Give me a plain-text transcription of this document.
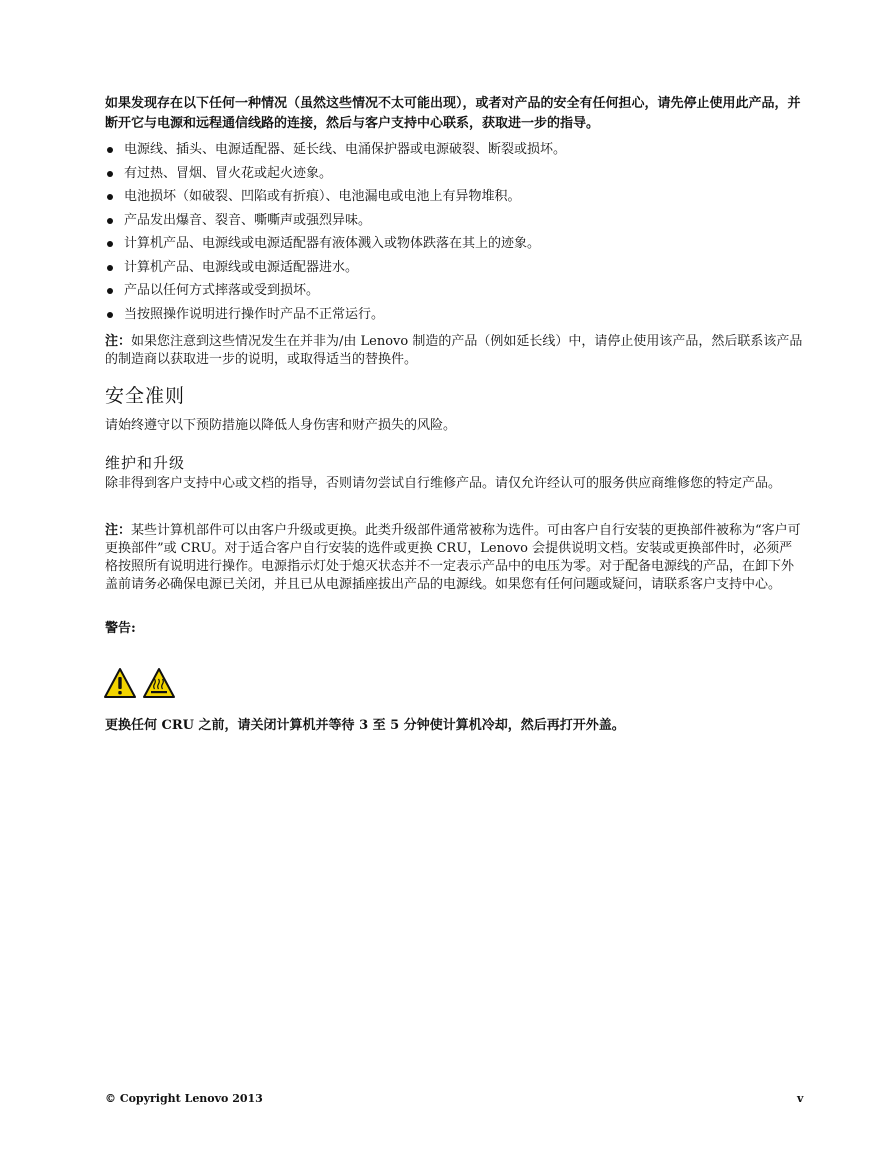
如果发现存在以下任何一种情况（虽然这些情况不太可能出现），或者对产品的安全有任何担心，请先停止使用此产品，并断开它与电源和远程通信线路的连接，然后与客户支持中心联系，获取进一步的指导。
电源线、插头、电源适配器、延长线、电涌保护器或电源破裂、断裂或损坏。
有过热、冒烟、冒火花或起火迹象。
电池损坏（如破裂、凹陷或有折痕）、电池漏电或电池上有异物堆积。
产品发出爆音、裂音、嘶嘶声或强烈异味。
计算机产品、电源线或电源适配器有液体溅入或物体跌落在其上的迹象。
计算机产品、电源线或电源适配器进水。
产品以任何方式摔落或受到损坏。
当按照操作说明进行操作时产品不正常运行。
注：如果您注意到这些情况发生在并非为/由 Lenovo 制造的产品（例如延长线）中，请停止使用该产品，然后联系该产品的制造商以获取进一步的说明，或取得适当的替换件。
安全准则
请始终遵守以下预防措施以降低人身伤害和财产损失的风险。
维护和升级
除非得到客户支持中心或文档的指导，否则请勿尝试自行维修产品。请仅允许经认可的服务供应商维修您的特定产品。
注：某些计算机部件可以由客户升级或更换。此类升级部件通常被称为选件。可由客户自行安装的更换部件被称为“客户可更换部件”或 CRU。对于适合客户自行安装的选件或更换 CRU，Lenovo 会提供说明文档。安装或更换部件时，必须严格按照所有说明进行操作。电源指示灯处于熄灭状态并不一定表示产品中的电压为零。对于配备电源线的产品，在卸下外盖前请务必确保电源已关闭，并且已从电源插座拔出产品的电源线。如果您有任何问题或疑问，请联系客户支持中心。
警告:
更换任何 CRU 之前，请关闭计算机并等待 3 至 5 分钟使计算机冷却，然后再打开外盖。
© Copyright Lenovo 2013	v
